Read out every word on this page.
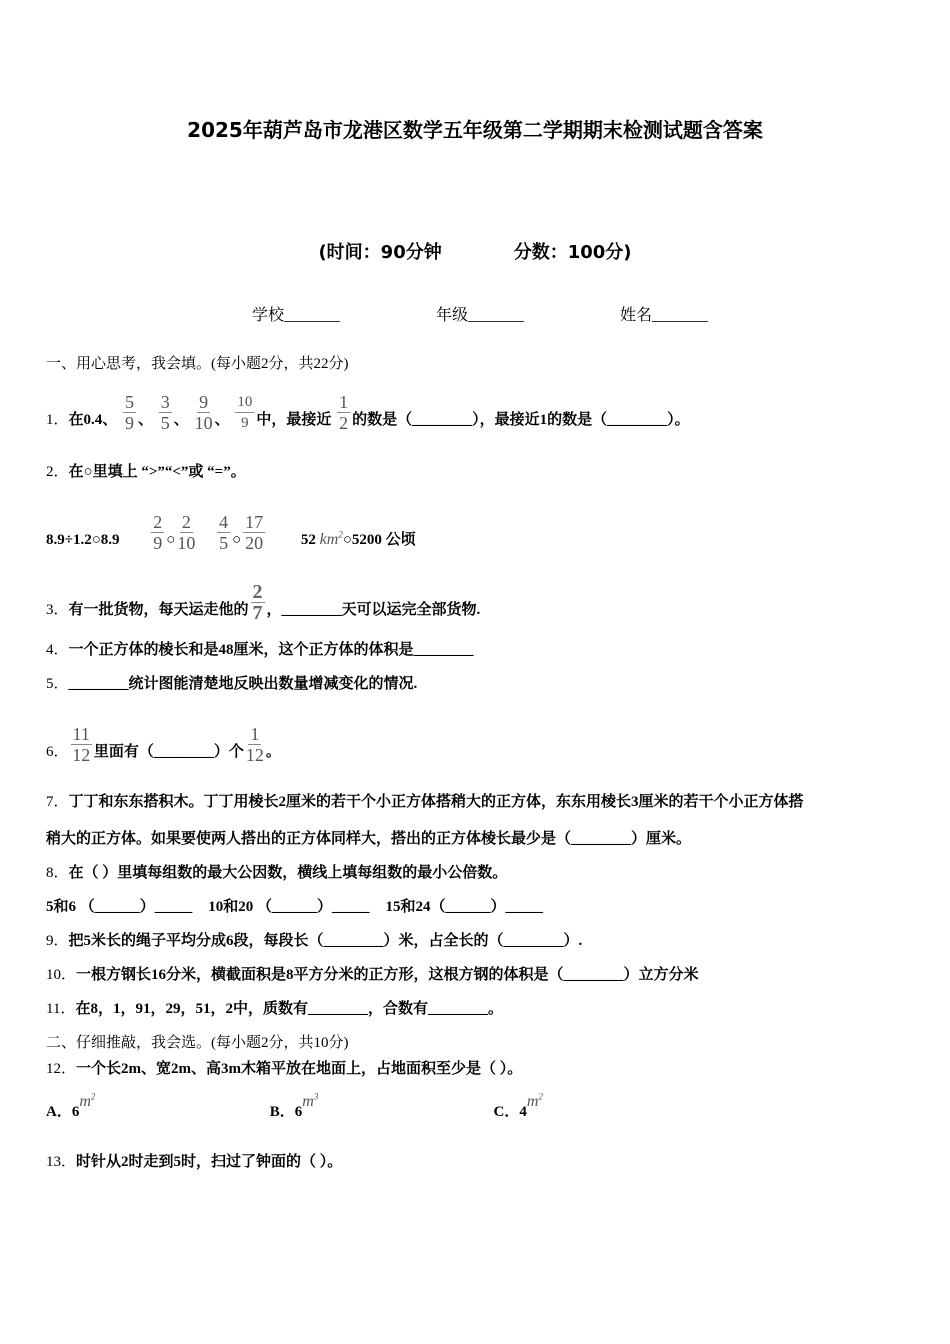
2025年葫芦岛市龙港区数学五年级第二学期期末检测试题含答案
(时间：90分钟	分数：100分)
学校_______	年级_______	姓名_______
一、用心思考，我会填。(每小题2分，共22分)
1．在0.4、 $\frac{5}{9}$ 、 $\frac{3}{5}$ 、 $\frac{9}{10}$ 、 $\frac{10}{9}$ 中，最接近 $\frac{1}{2}$ 的数是（________），最接近1的数是（________）。
2．在○里填上 “>”“<”或 “=”。
8.9÷1.2○8.9 $\frac{2}{9}$ ○ $\frac{2}{10}$
$\frac{4}{5}$ ○ $\frac{17}{20} 52$ $km^2○5200$ 公顷
3．有一批货物，每天运走他的 $\frac{2}{7}$ ，________天可以运完全部货物.
4．一个正方体的棱长和是48厘米，这个正方体的体积是________
5．________统计图能清楚地反映出数量增减变化的情况.
6． $\frac{11}{12}$ 里面有（________）个 $\frac{1}{12}$ 。
7．丁丁和东东搭积木。丁丁用棱长2厘米的若干个小正方体搭稍大的正方体，东东用棱长3厘米的若干个小正方体搭
稍大的正方体。如果要使两人搭出的正方体同样大，搭出的正方体棱长最少是（________）厘米。
8．在（ ）里填每组数的最大公因数，横线上填每组数的最小公倍数。
5和6 （______）_____ 10和20 （______）_____ 15和24（______）_____
9．把5米长的绳子平均分成6段，每段长（________）米，占全长的（________）.
10．一根方钢长16分米，横截面积是8平方分米的正方形，这根方钢的体积是（________）立方分米
11．在8，1，91，29，51，2中，质数有________，合数有________。
二、仔细推敲，我会选。(每小题2分，共10分)
12．一个长2m、宽2m、高3m木箱平放在地面上，占地面积至少是（ ）。
A．$6m^2$ B．$6m^3$ C．$4m^2$
13．时针从2时走到5时，扫过了钟面的（ ）。
